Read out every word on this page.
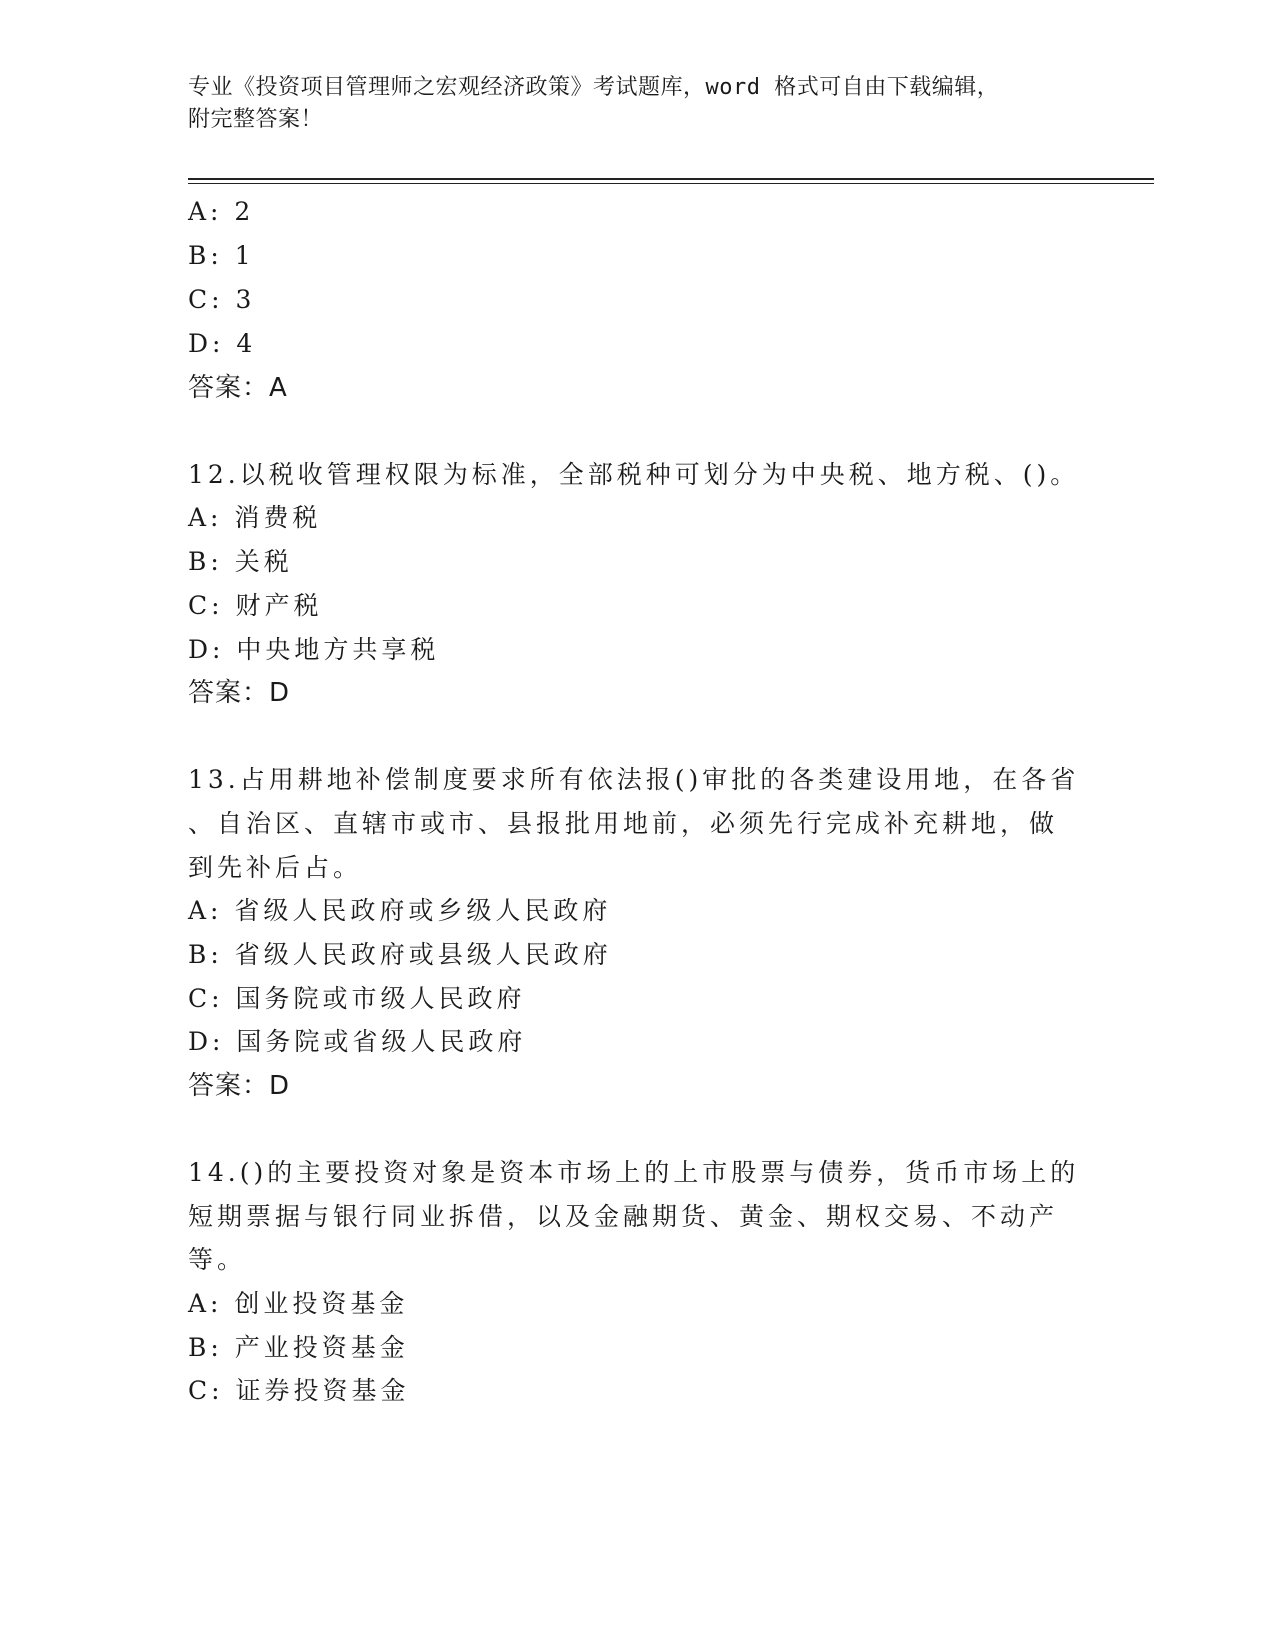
专业《投资项目管理师之宏观经济政策》考试题库，word 格式可自由下载编辑，
附完整答案！
A: 2
B: 1
C: 3
D: 4
答案：A
12.以税收管理权限为标准，全部税种可划分为中央税、地方税、()。
A: 消费税
B: 关税
C: 财产税
D: 中央地方共享税
答案：D
13.占用耕地补偿制度要求所有依法报()审批的各类建设用地，在各省
、自治区、直辖市或市、县报批用地前，必须先行完成补充耕地，做
到先补后占。
A: 省级人民政府或乡级人民政府
B: 省级人民政府或县级人民政府
C: 国务院或市级人民政府
D: 国务院或省级人民政府
答案：D
14.()的主要投资对象是资本市场上的上市股票与债券，货币市场上的
短期票据与银行同业拆借，以及金融期货、黄金、期权交易、不动产
等。
A: 创业投资基金
B: 产业投资基金
C: 证券投资基金
